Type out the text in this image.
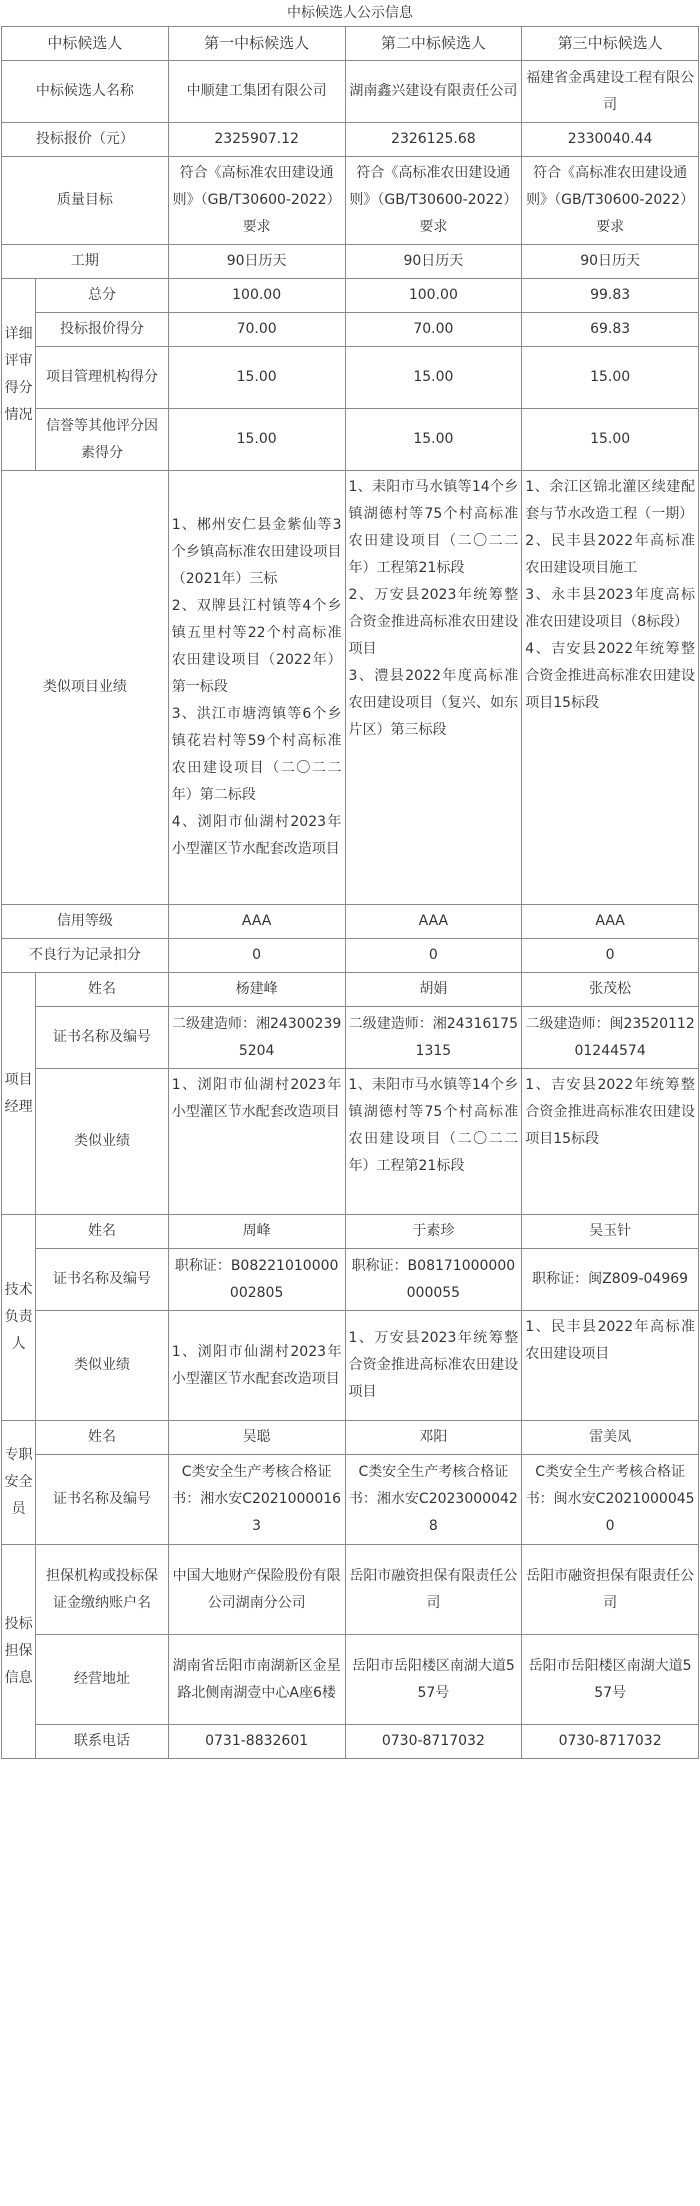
中标候选人公示信息
中标候选人		第一中标候选人	第二中标候选人	第三中标候选人
中标候选人名称		中顺建工集团有限公司	湖南鑫兴建设有限责任公司	福建省金禹建设工程有限公司
投标报价（元）		2325907.12	2326125.68	2330040.44
质量目标		符合《高标准农田建设通则》（GB/T30600-2022）要求	符合《高标准农田建设通则》（GB/T30600-2022）要求	符合《高标准农田建设通则》（GB/T30600-2022）要求
工期		90日历天	90日历天	90日历天
详细评审得分情况	总分	100.00	100.00	99.83
	投标报价得分	70.00	70.00	69.83
	项目管理机构得分	15.00	15.00	15.00
	信誉等其他评分因素得分	15.00	15.00	15.00
类似项目业绩		1、郴州安仁县金紫仙等3个乡镇高标准农田建设项目（2021年）三标
2、双牌县江村镇等4个乡镇五里村等22个村高标准农田建设项目（2022年）第一标段
3、洪江市塘湾镇等6个乡镇花岩村等59个村高标准农田建设项目（二〇二二年）第二标段
4、浏阳市仙湖村2023年小型灌区节水配套改造项目	1、耒阳市马水镇等14个乡镇湖德村等75个村高标准农田建设项目（二〇二二年）工程第21标段
2、万安县2023年统筹整合资金推进高标准农田建设项目
3、澧县2022年度高标准农田建设项目（复兴、如东片区）第三标段	1、余江区锦北灌区续建配套与节水改造工程（一期）
2、民丰县2022年高标准农田建设项目施工
3、永丰县2023年度高标准农田建设项目（8标段）
4、吉安县2022年统筹整合资金推进高标准农田建设项目15标段
信用等级		AAA	AAA	AAA
不良行为记录扣分		0	0	0
项目经理	姓名	杨建峰	胡娟	张茂松
	证书名称及编号	二级建造师：湘243002395204	二级建造师：湘243161751315	二级建造师：闽2352011201244574
	类似业绩	1、浏阳市仙湖村2023年小型灌区节水配套改造项目	1、耒阳市马水镇等14个乡镇湖德村等75个村高标准农田建设项目（二〇二二年）工程第21标段	1、吉安县2022年统筹整合资金推进高标准农田建设项目15标段
技术负责人	姓名	周峰	于素珍	吴玉针
	证书名称及编号	职称证：B08221010000002805	职称证：B08171000000000055	职称证：闽Z809-04969
	类似业绩	1、浏阳市仙湖村2023年小型灌区节水配套改造项目	1、万安县2023年统筹整合资金推进高标准农田建设项目	1、民丰县2022年高标准农田建设项目
专职安全员	姓名	吴聪	邓阳	雷美凤
	证书名称及编号	C类安全生产考核合格证书：湘水安C20210000163	C类安全生产考核合格证书：湘水安C20230000428	C类安全生产考核合格证书：闽水安C20210000450
投标担保信息	担保机构或投标保证金缴纳账户名	中国大地财产保险股份有限公司湖南分公司	岳阳市融资担保有限责任公司	岳阳市融资担保有限责任公司
	经营地址	湖南省岳阳市南湖新区金星路北侧南湖壹中心A座6楼	岳阳市岳阳楼区南湖大道557号	岳阳市岳阳楼区南湖大道557号
	联系电话	0731-8832601	0730-8717032	0730-8717032
